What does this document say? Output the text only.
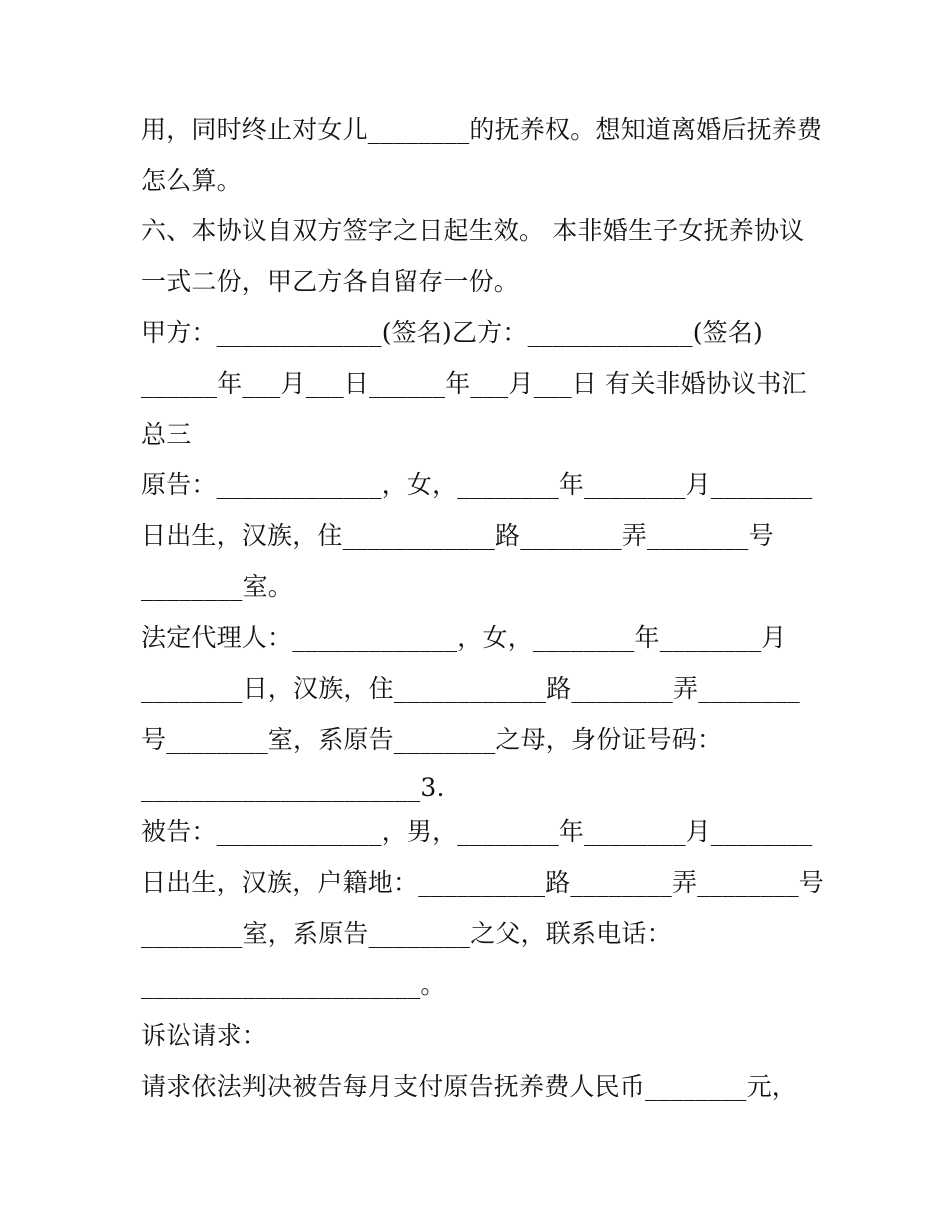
用，同时终止对女儿________的抚养权。想知道离婚后抚养费
怎么算。
六、本协议自双方签字之日起生效。 本非婚生子女抚养协议
一式二份，甲乙方各自留存一份。
甲方：_____________(签名)乙方：_____________(签名)
______年___月___日______年___月___日 有关非婚协议书汇
总三
原告：_____________，女，________年________月________
日出生，汉族，住____________路________弄________号
________室。
法定代理人：_____________，女，________年________月
________日，汉族，住____________路________弄________
号________室，系原告________之母，身份证号码：
______________________3.
被告：_____________，男，________年________月________
日出生，汉族，户籍地：__________路________弄________号
________室，系原告________之父，联系电话：
______________________。
诉讼请求：
请求依法判决被告每月支付原告抚养费人民币________元，
